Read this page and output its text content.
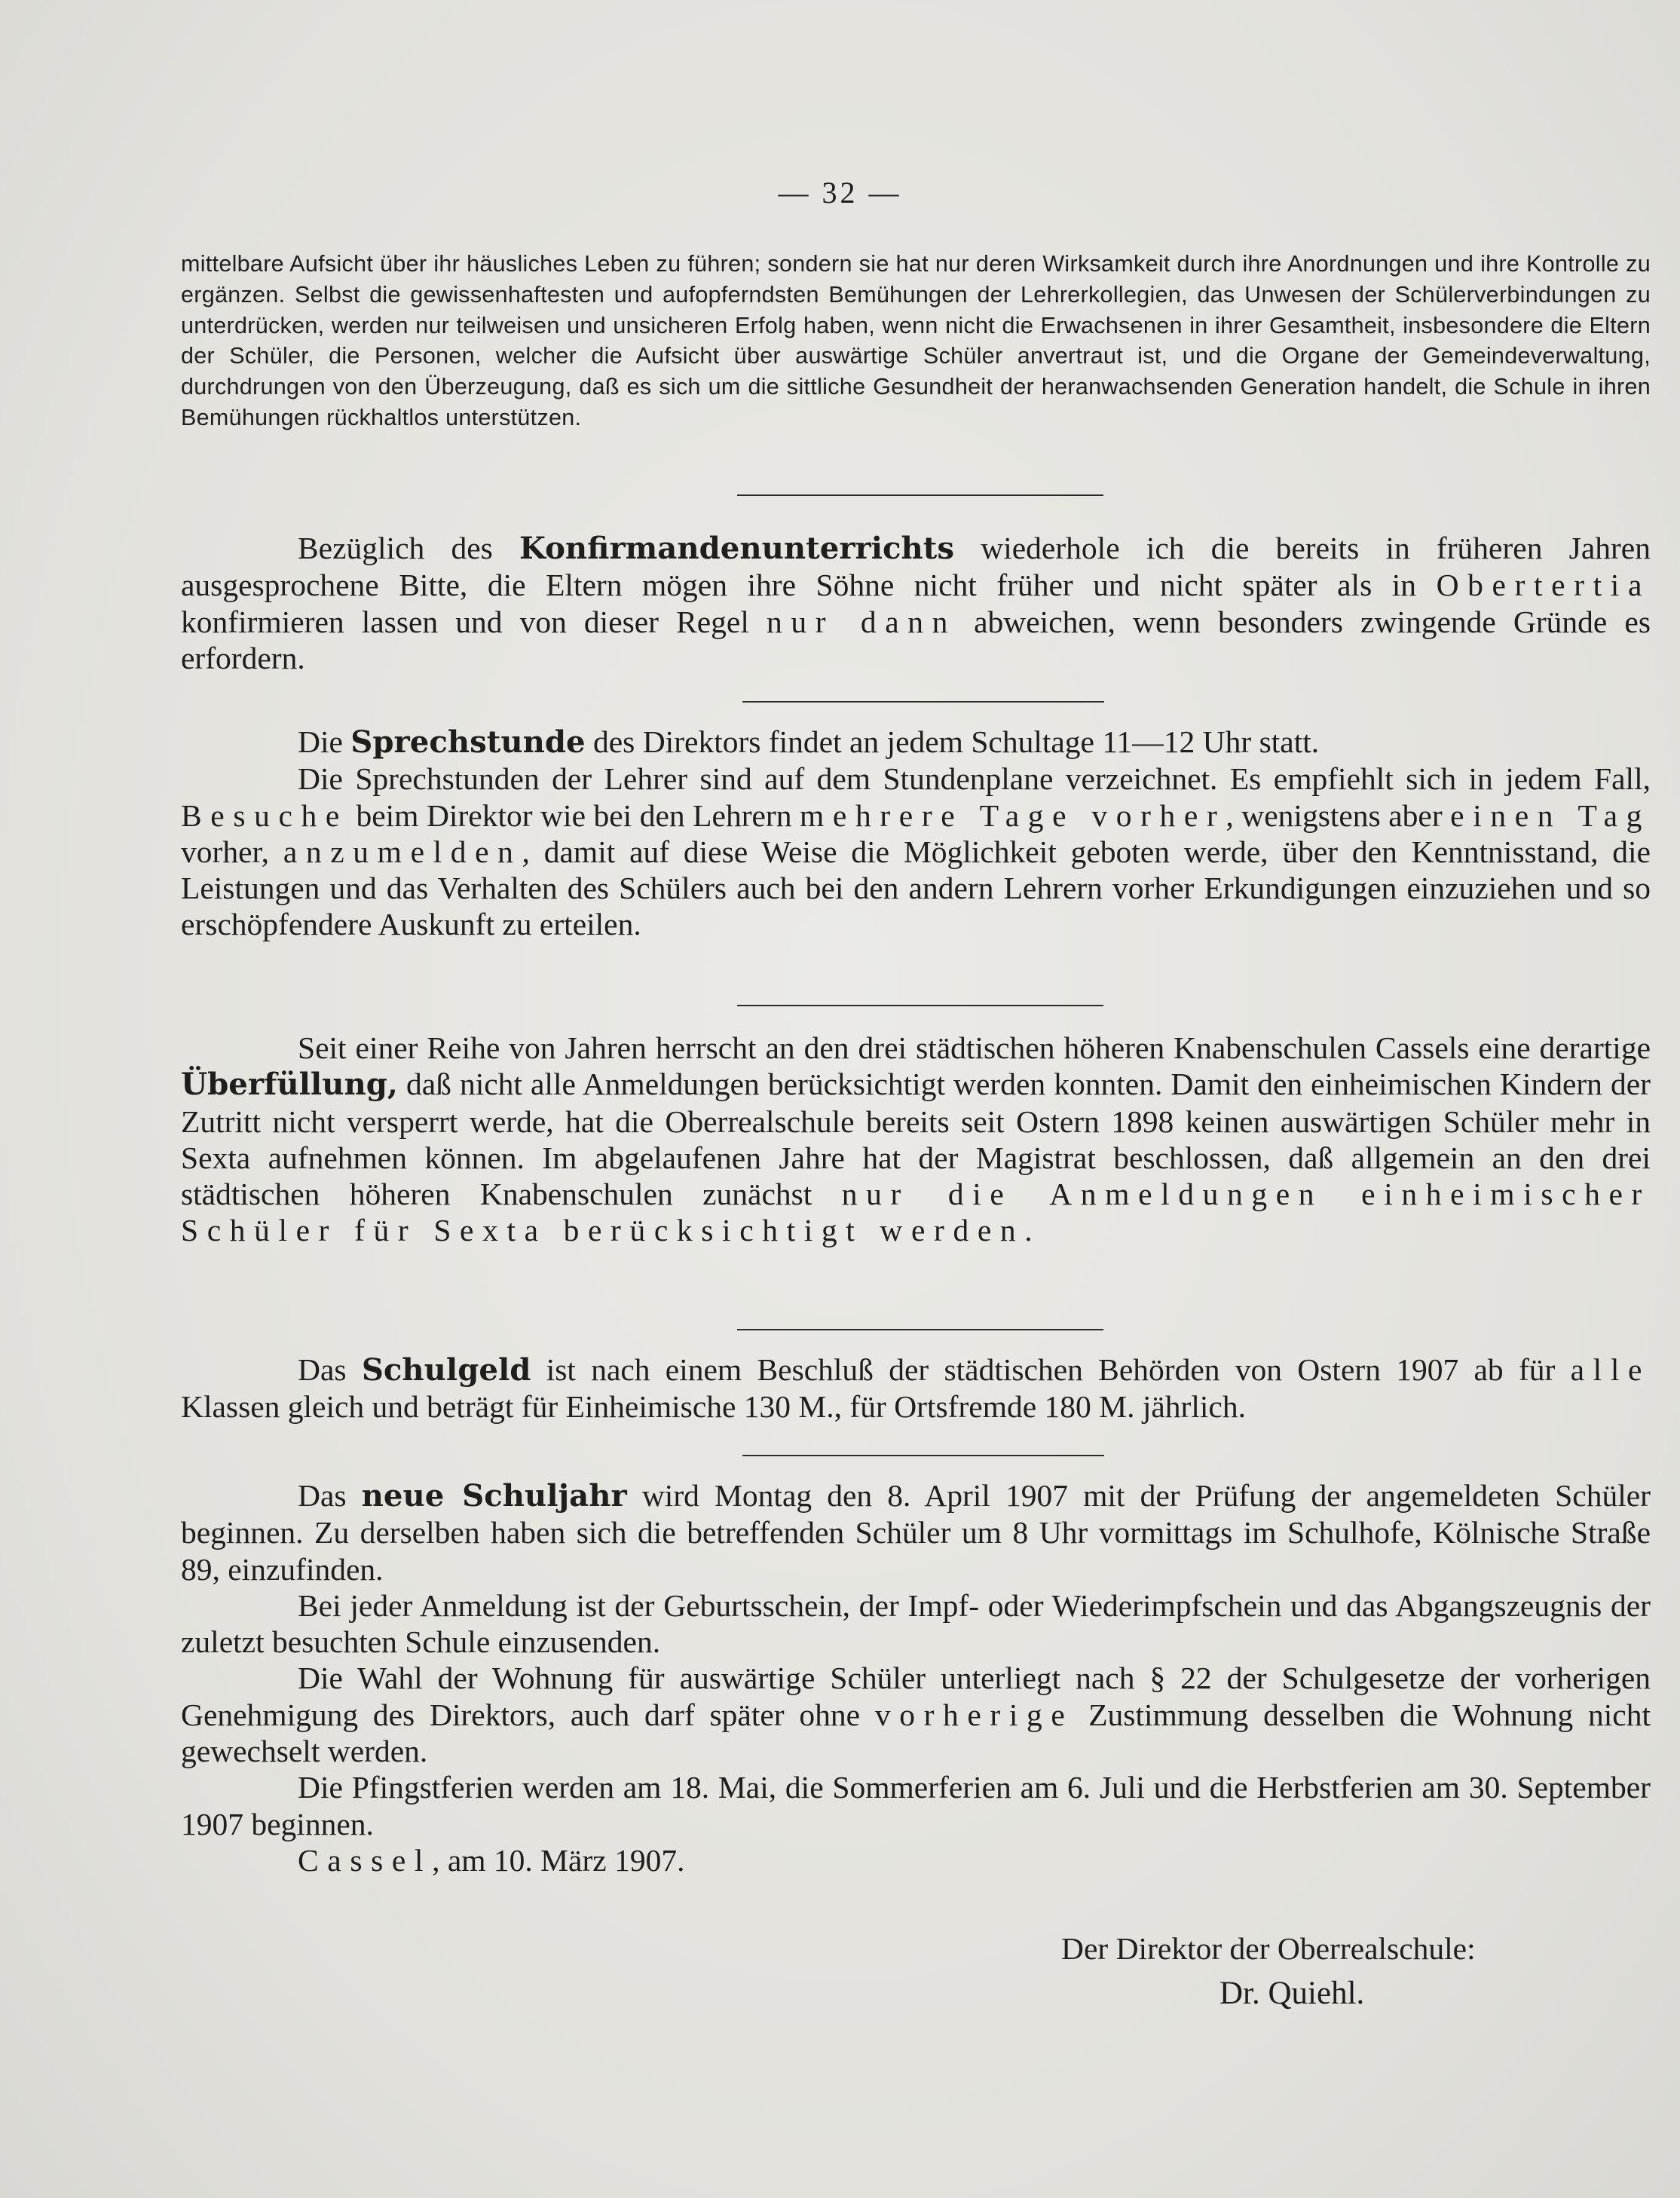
— 32 —

mittelbare Aufsicht über ihr häusliches Leben zu führen; sondern sie hat nur deren Wirksamkeit durch ihre Anordnungen und ihre Kontrolle zu ergänzen. Selbst die gewissenhaftesten und aufopferndsten Bemühungen der Lehrerkollegien, das Unwesen der Schülerverbindungen zu unterdrücken, werden nur teilweisen und unsicheren Erfolg haben, wenn nicht die Erwachsenen in ihrer Gesamtheit, insbesondere die Eltern der Schüler, die Personen, welcher die Aufsicht über auswärtige Schüler anvertraut ist, und die Organe der Gemeindeverwaltung, durchdrungen von den Überzeugung, daß es sich um die sittliche Gesundheit der heranwachsenden Generation handelt, die Schule in ihren Bemühungen rückhaltlos unterstützen.

Bezüglich des Konfirmandenunterrichts wiederhole ich die bereits in früheren Jahren ausgesprochene Bitte, die Eltern mögen ihre Söhne nicht früher und nicht später als in Obertertia konfirmieren lassen und von dieser Regel nur dann abweichen, wenn besonders zwingende Gründe es erfordern.

Die Sprechstunde des Direktors findet an jedem Schultage 11—12 Uhr statt.

Die Sprechstunden der Lehrer sind auf dem Stundenplane verzeichnet. Es empfiehlt sich in jedem Fall, Besuche beim Direktor wie bei den Lehrern mehrere Tage vorher, wenigstens aber einen Tag vorher, anzumelden, damit auf diese Weise die Möglichkeit geboten werde, über den Kenntnisstand, die Leistungen und das Verhalten des Schülers auch bei den andern Lehrern vorher Erkundigungen einzuziehen und so erschöpfendere Auskunft zu erteilen.

Seit einer Reihe von Jahren herrscht an den drei städtischen höheren Knabenschulen Cassels eine derartige Überfüllung, daß nicht alle Anmeldungen berücksichtigt werden konnten. Damit den einheimischen Kindern der Zutritt nicht versperrt werde, hat die Oberrealschule bereits seit Ostern 1898 keinen auswärtigen Schüler mehr in Sexta aufnehmen können. Im abgelaufenen Jahre hat der Magistrat beschlossen, daß allgemein an den drei städtischen höheren Knabenschulen zunächst nur die Anmeldungen einheimischer Schüler für Sexta berücksichtigt werden.

Das Schulgeld ist nach einem Beschluß der städtischen Behörden von Ostern 1907 ab für alle Klassen gleich und beträgt für Einheimische 130 M., für Ortsfremde 180 M. jährlich.

Das neue Schuljahr wird Montag den 8. April 1907 mit der Prüfung der angemeldeten Schüler beginnen. Zu derselben haben sich die betreffenden Schüler um 8 Uhr vormittags im Schulhofe, Kölnische Straße 89, einzufinden.

Bei jeder Anmeldung ist der Geburtsschein, der Impf- oder Wiederimpfschein und das Abgangszeugnis der zuletzt besuchten Schule einzusenden.

Die Wahl der Wohnung für auswärtige Schüler unterliegt nach § 22 der Schulgesetze der vorherigen Genehmigung des Direktors, auch darf später ohne vorherige Zustimmung desselben die Wohnung nicht gewechselt werden.

Die Pfingstferien werden am 18. Mai, die Sommerferien am 6. Juli und die Herbstferien am 30. September 1907 beginnen.

Cassel, am 10. März 1907.

Der Direktor der Oberrealschule:
Dr. Quiehl.
